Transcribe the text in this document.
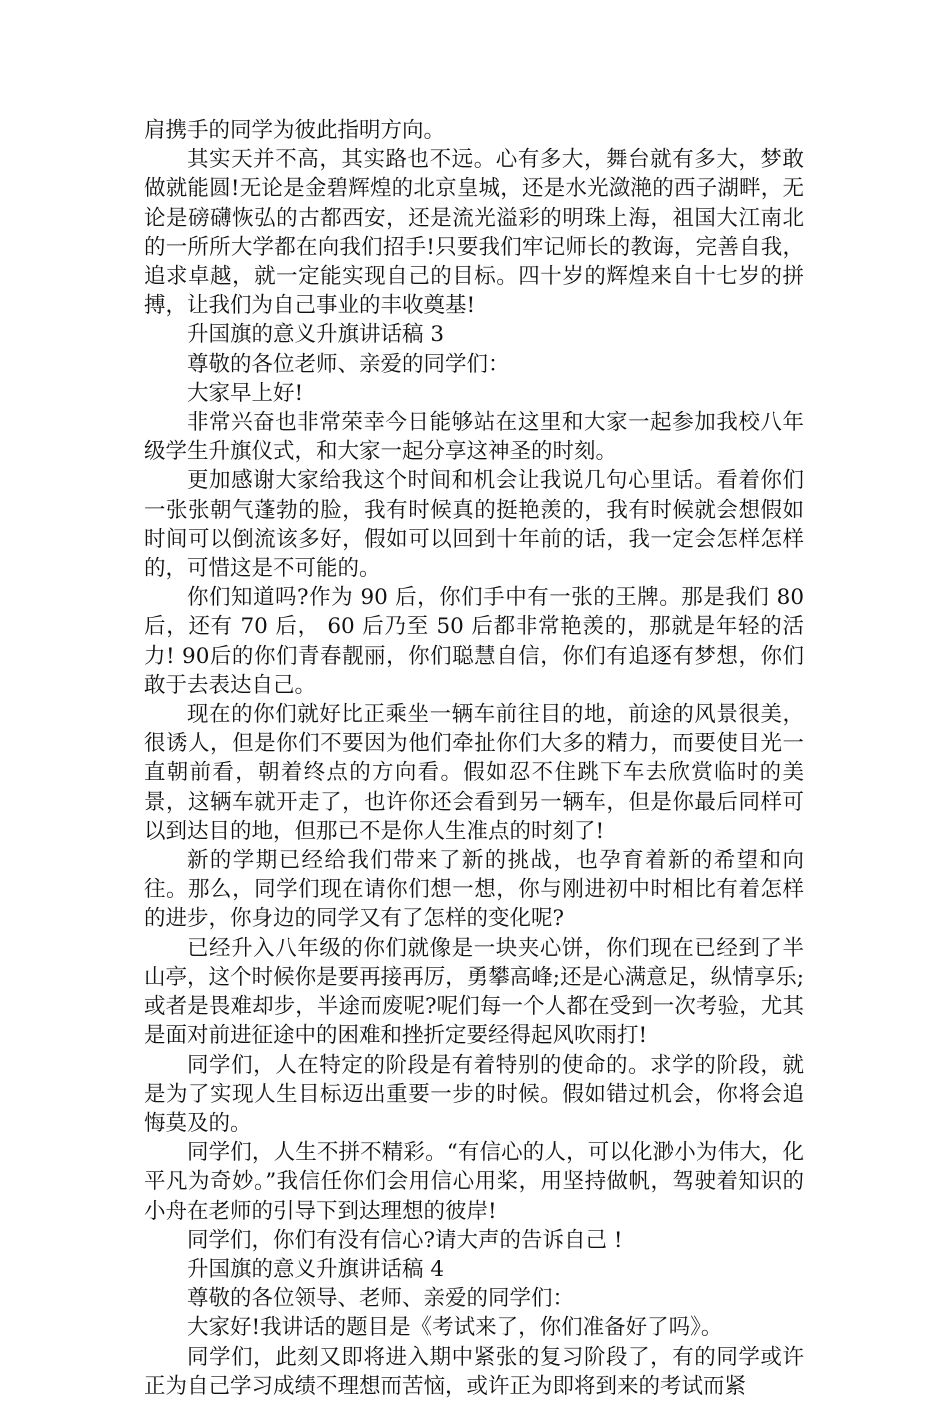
肩携手的同学为彼此指明方向。

其实天并不高，其实路也不远。心有多大，舞台就有多大，梦敢做就能圆!无论是金碧辉煌的北京皇城，还是水光潋滟的西子湖畔，无论是磅礴恢弘的古都西安，还是流光溢彩的明珠上海，祖国大江南北的一所所大学都在向我们招手!只要我们牢记师长的教诲，完善自我，追求卓越，就一定能实现自己的目标。四十岁的辉煌来自十七岁的拼搏，让我们为自己事业的丰收奠基!

升国旗的意义升旗讲话稿 3

尊敬的各位老师、亲爱的同学们：

大家早上好!

非常兴奋也非常荣幸今日能够站在这里和大家一起参加我校八年级学生升旗仪式，和大家一起分享这神圣的时刻。

更加感谢大家给我这个时间和机会让我说几句心里话。看着你们一张张朝气蓬勃的脸，我有时候真的挺艳羡的，我有时候就会想假如时间可以倒流该多好，假如可以回到十年前的话，我一定会怎样怎样的，可惜这是不可能的。

你们知道吗?作为 90 后，你们手中有一张的王牌。那是我们 80 后，还有 70 后， 60 后乃至 50 后都非常艳羡的，那就是年轻的活力! 90后的你们青春靓丽，你们聪慧自信，你们有追逐有梦想，你们敢于去表达自己。

现在的你们就好比正乘坐一辆车前往目的地，前途的风景很美，很诱人，但是你们不要因为他们牵扯你们大多的精力，而要使目光一直朝前看，朝着终点的方向看。假如忍不住跳下车去欣赏临时的美景，这辆车就开走了，也许你还会看到另一辆车，但是你最后同样可以到达目的地，但那已不是你人生准点的时刻了!

新的学期已经给我们带来了新的挑战，也孕育着新的希望和向往。那么，同学们现在请你们想一想，你与刚进初中时相比有着怎样的进步，你身边的同学又有了怎样的变化呢?

已经升入八年级的你们就像是一块夹心饼，你们现在已经到了半山亭，这个时候你是要再接再厉，勇攀高峰;还是心满意足，纵情享乐;或者是畏难却步，半途而废呢?呢们每一个人都在受到一次考验，尤其是面对前进征途中的困难和挫折定要经得起风吹雨打!

同学们，人在特定的阶段是有着特别的使命的。求学的阶段，就是为了实现人生目标迈出重要一步的时候。假如错过机会，你将会追悔莫及的。

同学们，人生不拼不精彩。“有信心的人，可以化渺小为伟大，化平凡为奇妙。”我信任你们会用信心用桨，用坚持做帆，驾驶着知识的小舟在老师的引导下到达理想的彼岸!

同学们，你们有没有信心?请大声的告诉自己 !

升国旗的意义升旗讲话稿 4

尊敬的各位领导、老师、亲爱的同学们：

大家好!我讲话的题目是《考试来了，你们准备好了吗》。

同学们，此刻又即将进入期中紧张的复习阶段了，有的同学或许正为自己学习成绩不理想而苦恼，或许正为即将到来的考试而紧
